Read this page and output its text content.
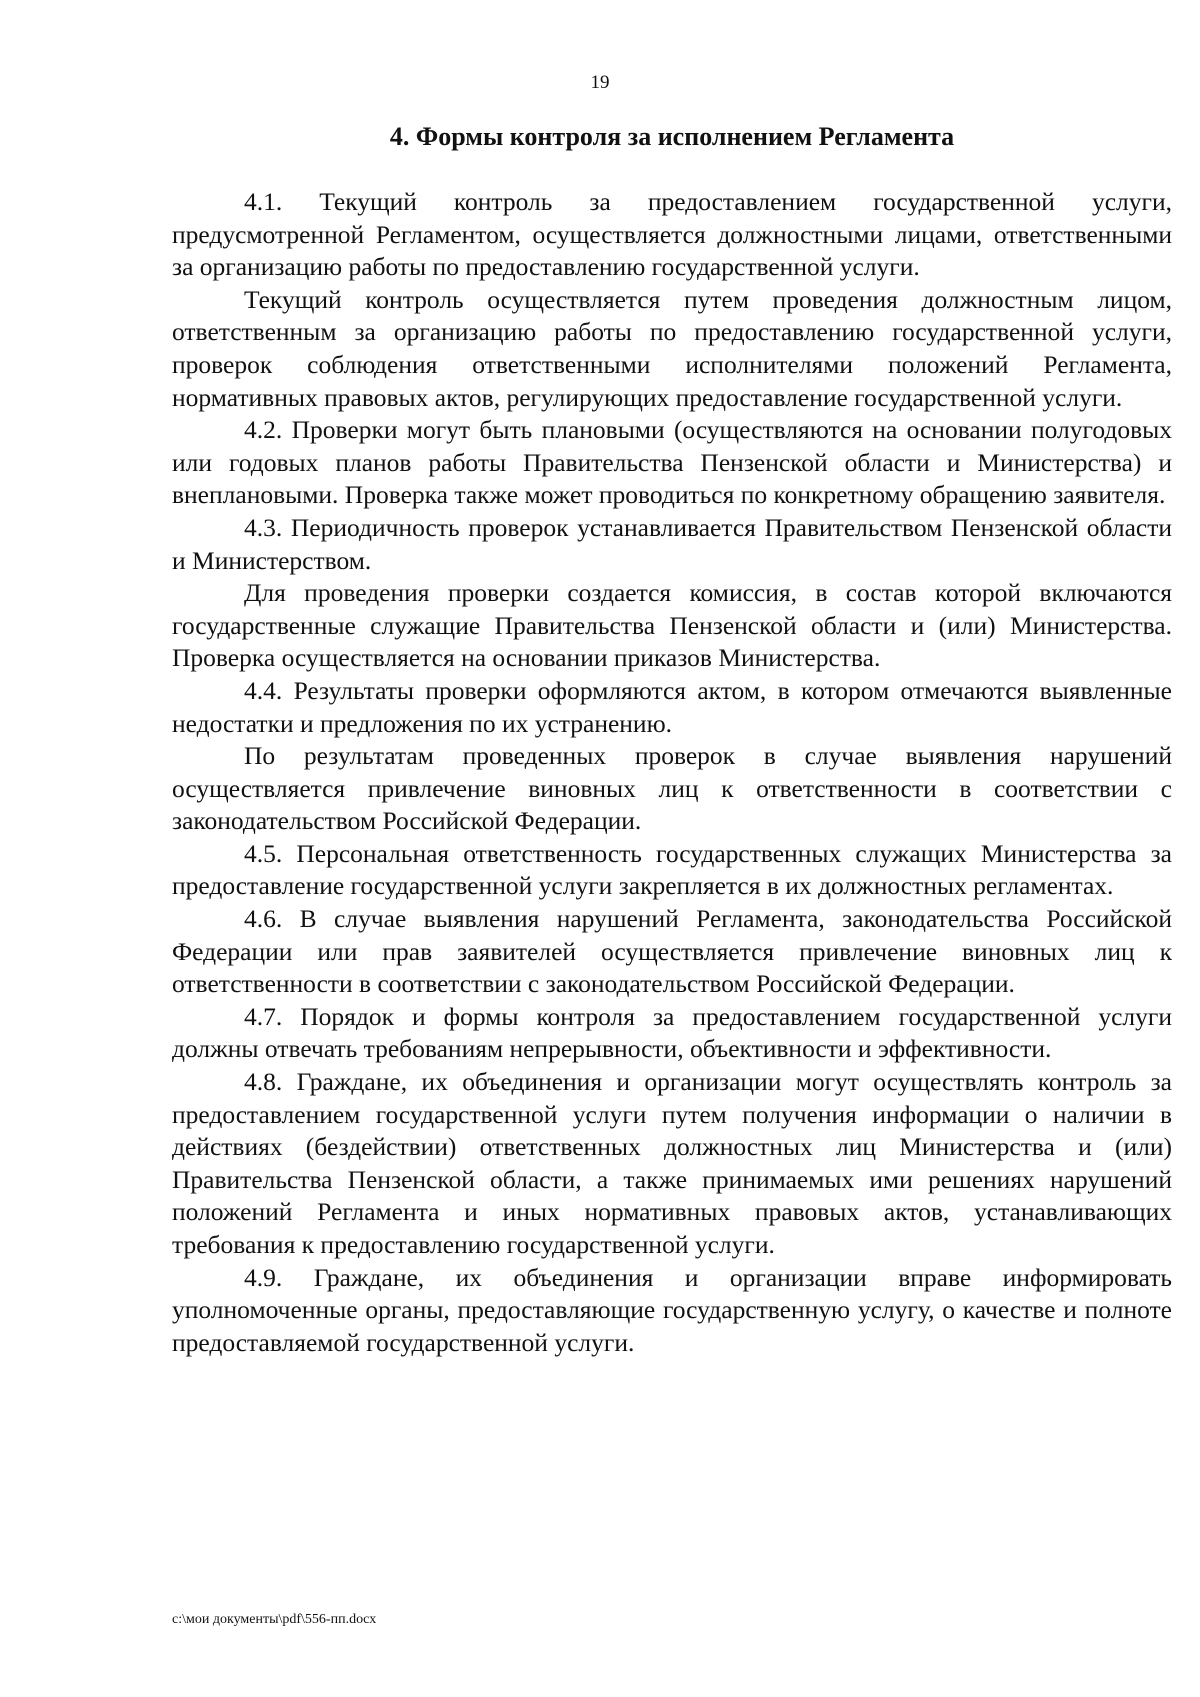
19
4. Формы контроля за исполнением Регламента

4.1. Текущий контроль за предоставлением государственной услуги, предусмотренной Регламентом, осуществляется должностными лицами, ответственными за организацию работы по предоставлению государственной услуги.

Текущий контроль осуществляется путем проведения должностным лицом, ответственным за организацию работы по предоставлению государственной услуги, проверок соблюдения ответственными исполнителями положений Регламента, нормативных правовых актов, регулирующих предоставление государственной услуги.

4.2. Проверки могут быть плановыми (осуществляются на основании полугодовых или годовых планов работы Правительства Пензенской области и Министерства) и внеплановыми. Проверка также может проводиться по конкретному обращению заявителя.

4.3. Периодичность проверок устанавливается Правительством Пензенской области и Министерством.

Для проведения проверки создается комиссия, в состав которой включаются государственные служащие Правительства Пензенской области и (или) Министерства. Проверка осуществляется на основании приказов Министерства.

4.4. Результаты проверки оформляются актом, в котором отмечаются выявленные недостатки и предложения по их устранению.

По результатам проведенных проверок в случае выявления нарушений осуществляется привлечение виновных лиц к ответственности в соответствии с законодательством Российской Федерации.

4.5. Персональная ответственность государственных служащих Министерства за предоставление государственной услуги закрепляется в их должностных регламентах.

4.6. В случае выявления нарушений Регламента, законодательства Российской Федерации или прав заявителей осуществляется привлечение виновных лиц к ответственности в соответствии с законодательством Российской Федерации.

4.7. Порядок и формы контроля за предоставлением государственной услуги должны отвечать требованиям непрерывности, объективности и эффективности.

4.8. Граждане, их объединения и организации могут осуществлять контроль за предоставлением государственной услуги путем получения информации о наличии в действиях (бездействии) ответственных должностных лиц Министерства и (или) Правительства Пензенской области, а также принимаемых ими решениях нарушений положений Регламента и иных нормативных правовых актов, устанавливающих требования к предоставлению государственной услуги.

4.9. Граждане, их объединения и организации вправе информировать уполномоченные органы, предоставляющие государственную услугу, о качестве и полноте предоставляемой государственной услуги.

c:\мои документы\pdf\556-пп.docx
